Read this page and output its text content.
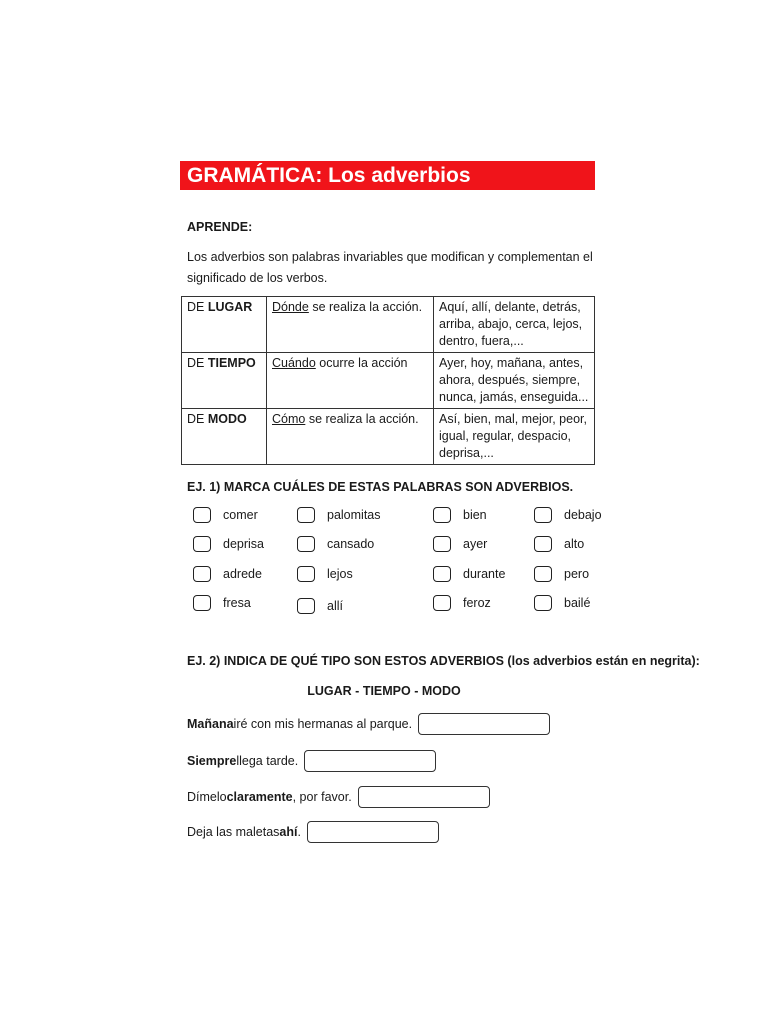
GRAMÁTICA: Los adverbios
APRENDE:
Los adverbios son palabras invariables que modifican y complementan el significado de los verbos.
DE LUGAR	Dónde se realiza la acción.	Aquí, allí, delante, detrás, arriba, abajo, cerca, lejos, dentro, fuera,...
DE TIEMPO	Cuándo ocurre la acción	Ayer, hoy, mañana, antes, ahora, después, siempre, nunca, jamás, enseguida...
DE MODO	Cómo se realiza la acción.	Así, bien, mal, mejor, peor, igual, regular, despacio, deprisa,...
EJ. 1) MARCA CUÁLES DE ESTAS PALABRAS SON ADVERBIOS.
comer	palomitas	bien	debajo
deprisa	cansado	ayer	alto
adrede	lejos	durante	pero
fresa	allí	feroz	bailé
EJ. 2) INDICA DE QUÉ TIPO SON ESTOS ADVERBIOS (los adverbios están en negrita):
LUGAR - TIEMPO - MODO
Mañana iré con mis hermanas al parque.
Siempre llega tarde.
Dímelo claramente , por favor.
Deja las maletas ahí .
